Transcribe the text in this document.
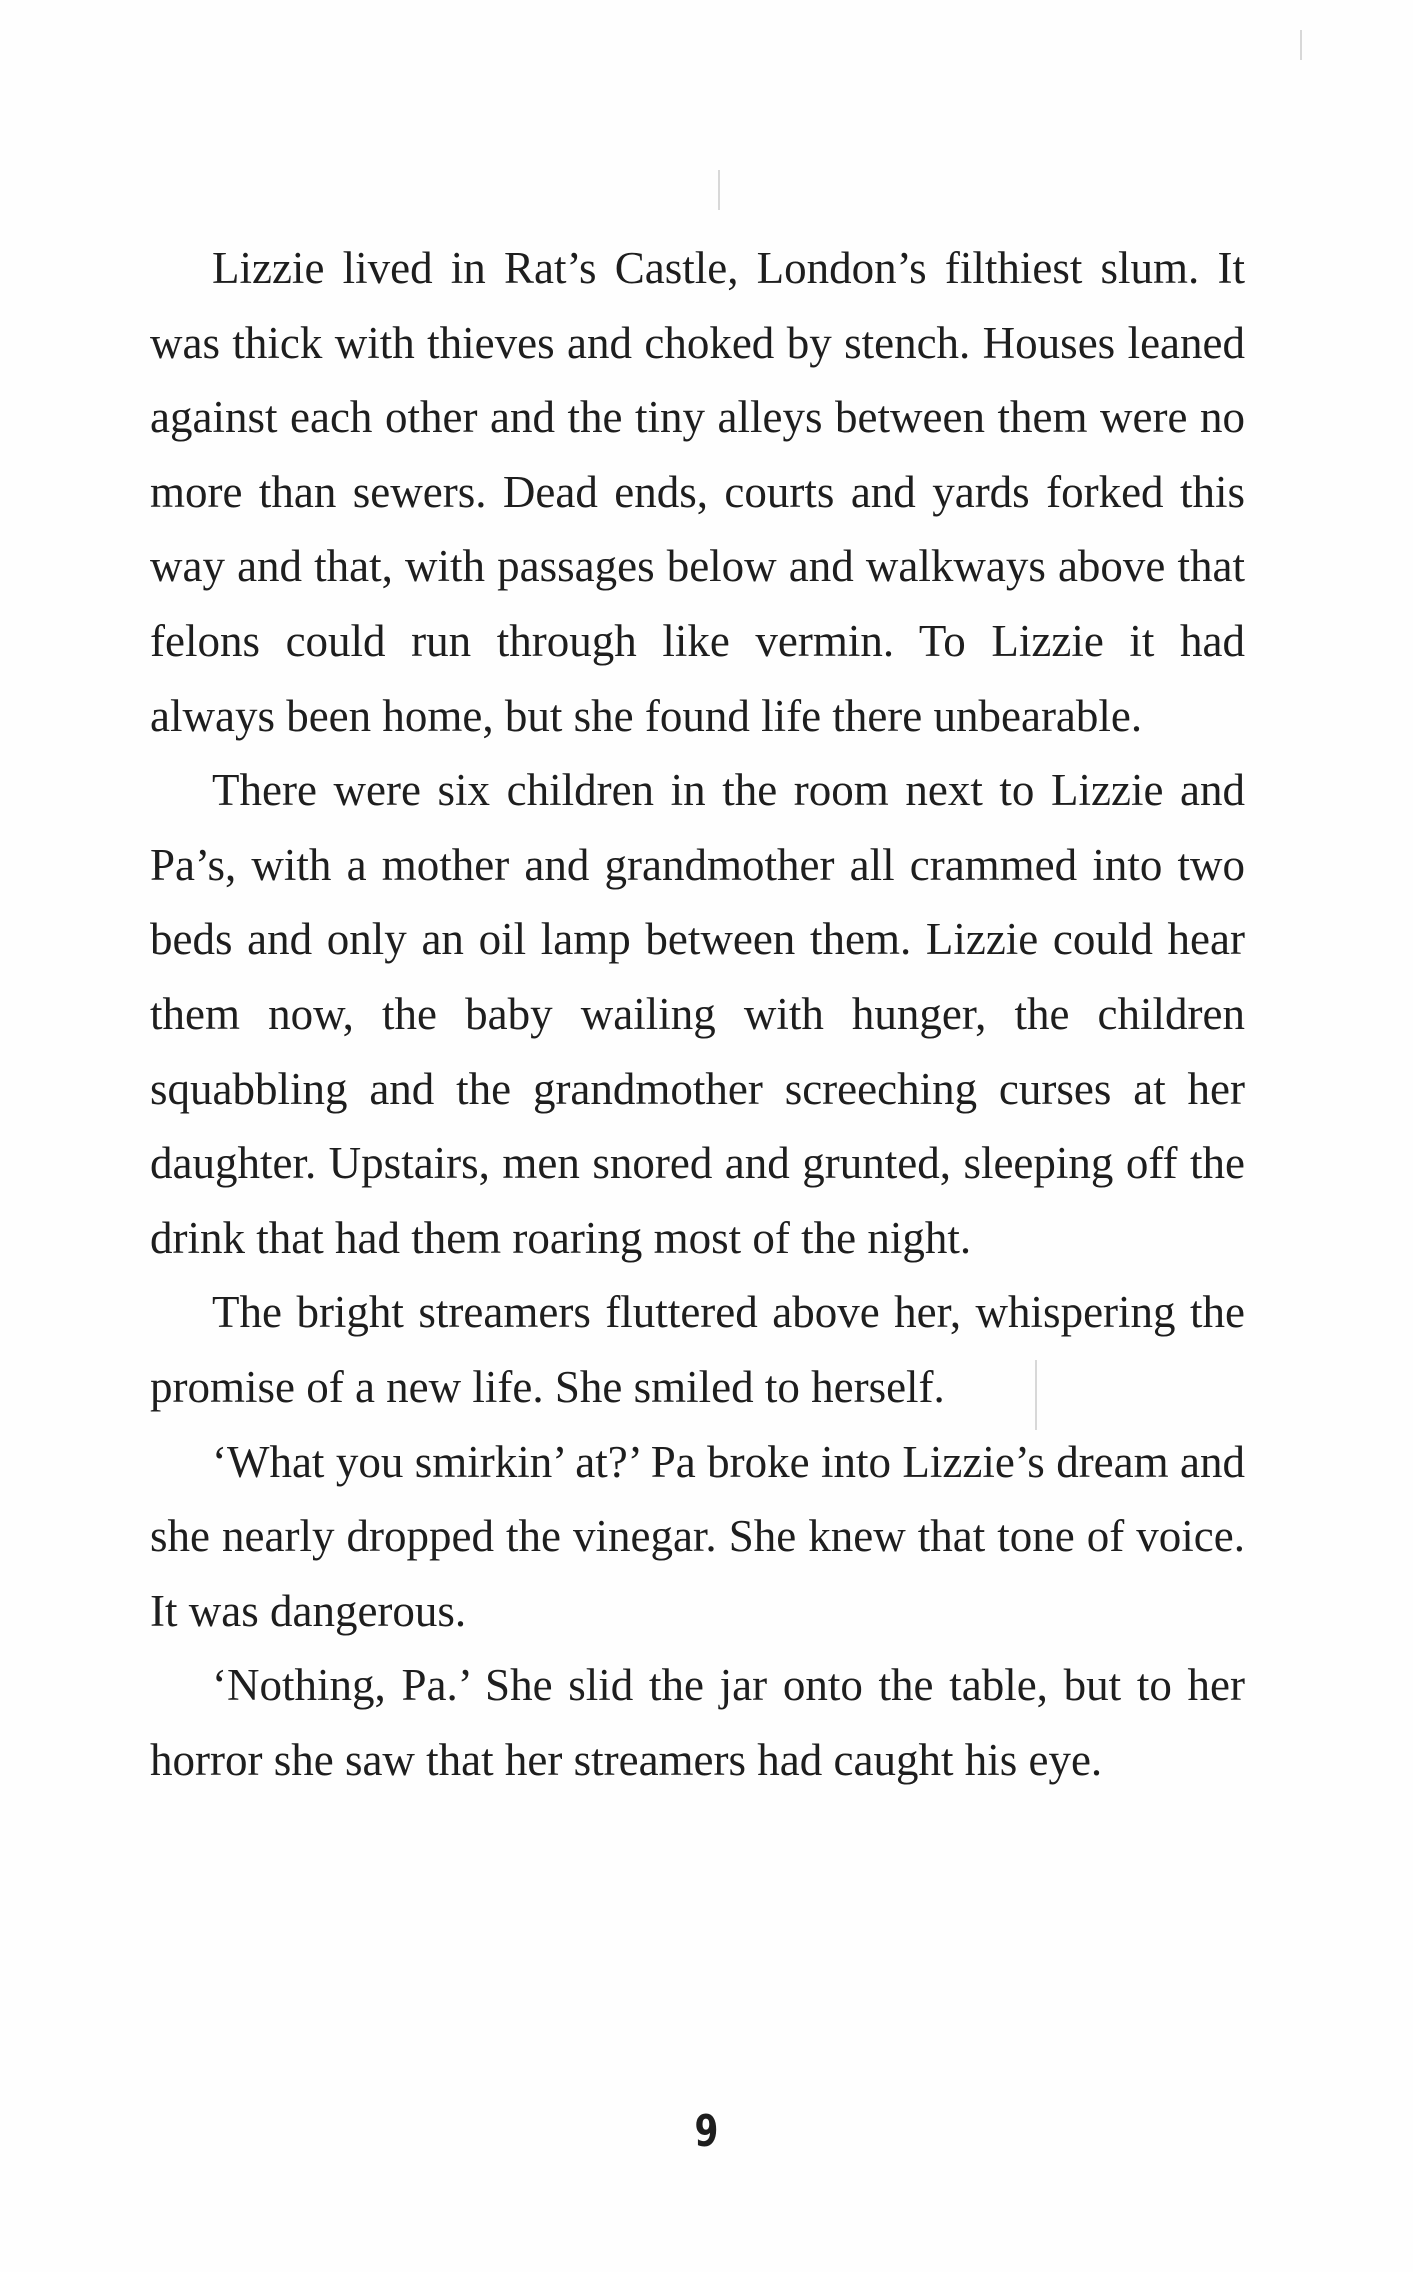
Lizzie lived in Rat’s Castle, London’s filthiest slum. It was thick with thieves and choked by stench. Houses leaned against each other and the tiny alleys between them were no more than sewers. Dead ends, courts and yards forked this way and that, with passages below and walkways above that felons could run through like vermin. To Lizzie it had always been home, but she found life there unbearable.

There were six children in the room next to Lizzie and Pa’s, with a mother and grandmother all crammed into two beds and only an oil lamp between them. Lizzie could hear them now, the baby wailing with hunger, the children squabbling and the grandmother screeching curses at her daughter. Upstairs, men snored and grunted, sleeping off the drink that had them roaring most of the night.

The bright streamers fluttered above her, whispering the promise of a new life. She smiled to herself.

‘What you smirkin’ at?’ Pa broke into Lizzie’s dream and she nearly dropped the vinegar. She knew that tone of voice. It was dangerous.

‘Nothing, Pa.’ She slid the jar onto the table, but to her horror she saw that her streamers had caught his eye.

9
